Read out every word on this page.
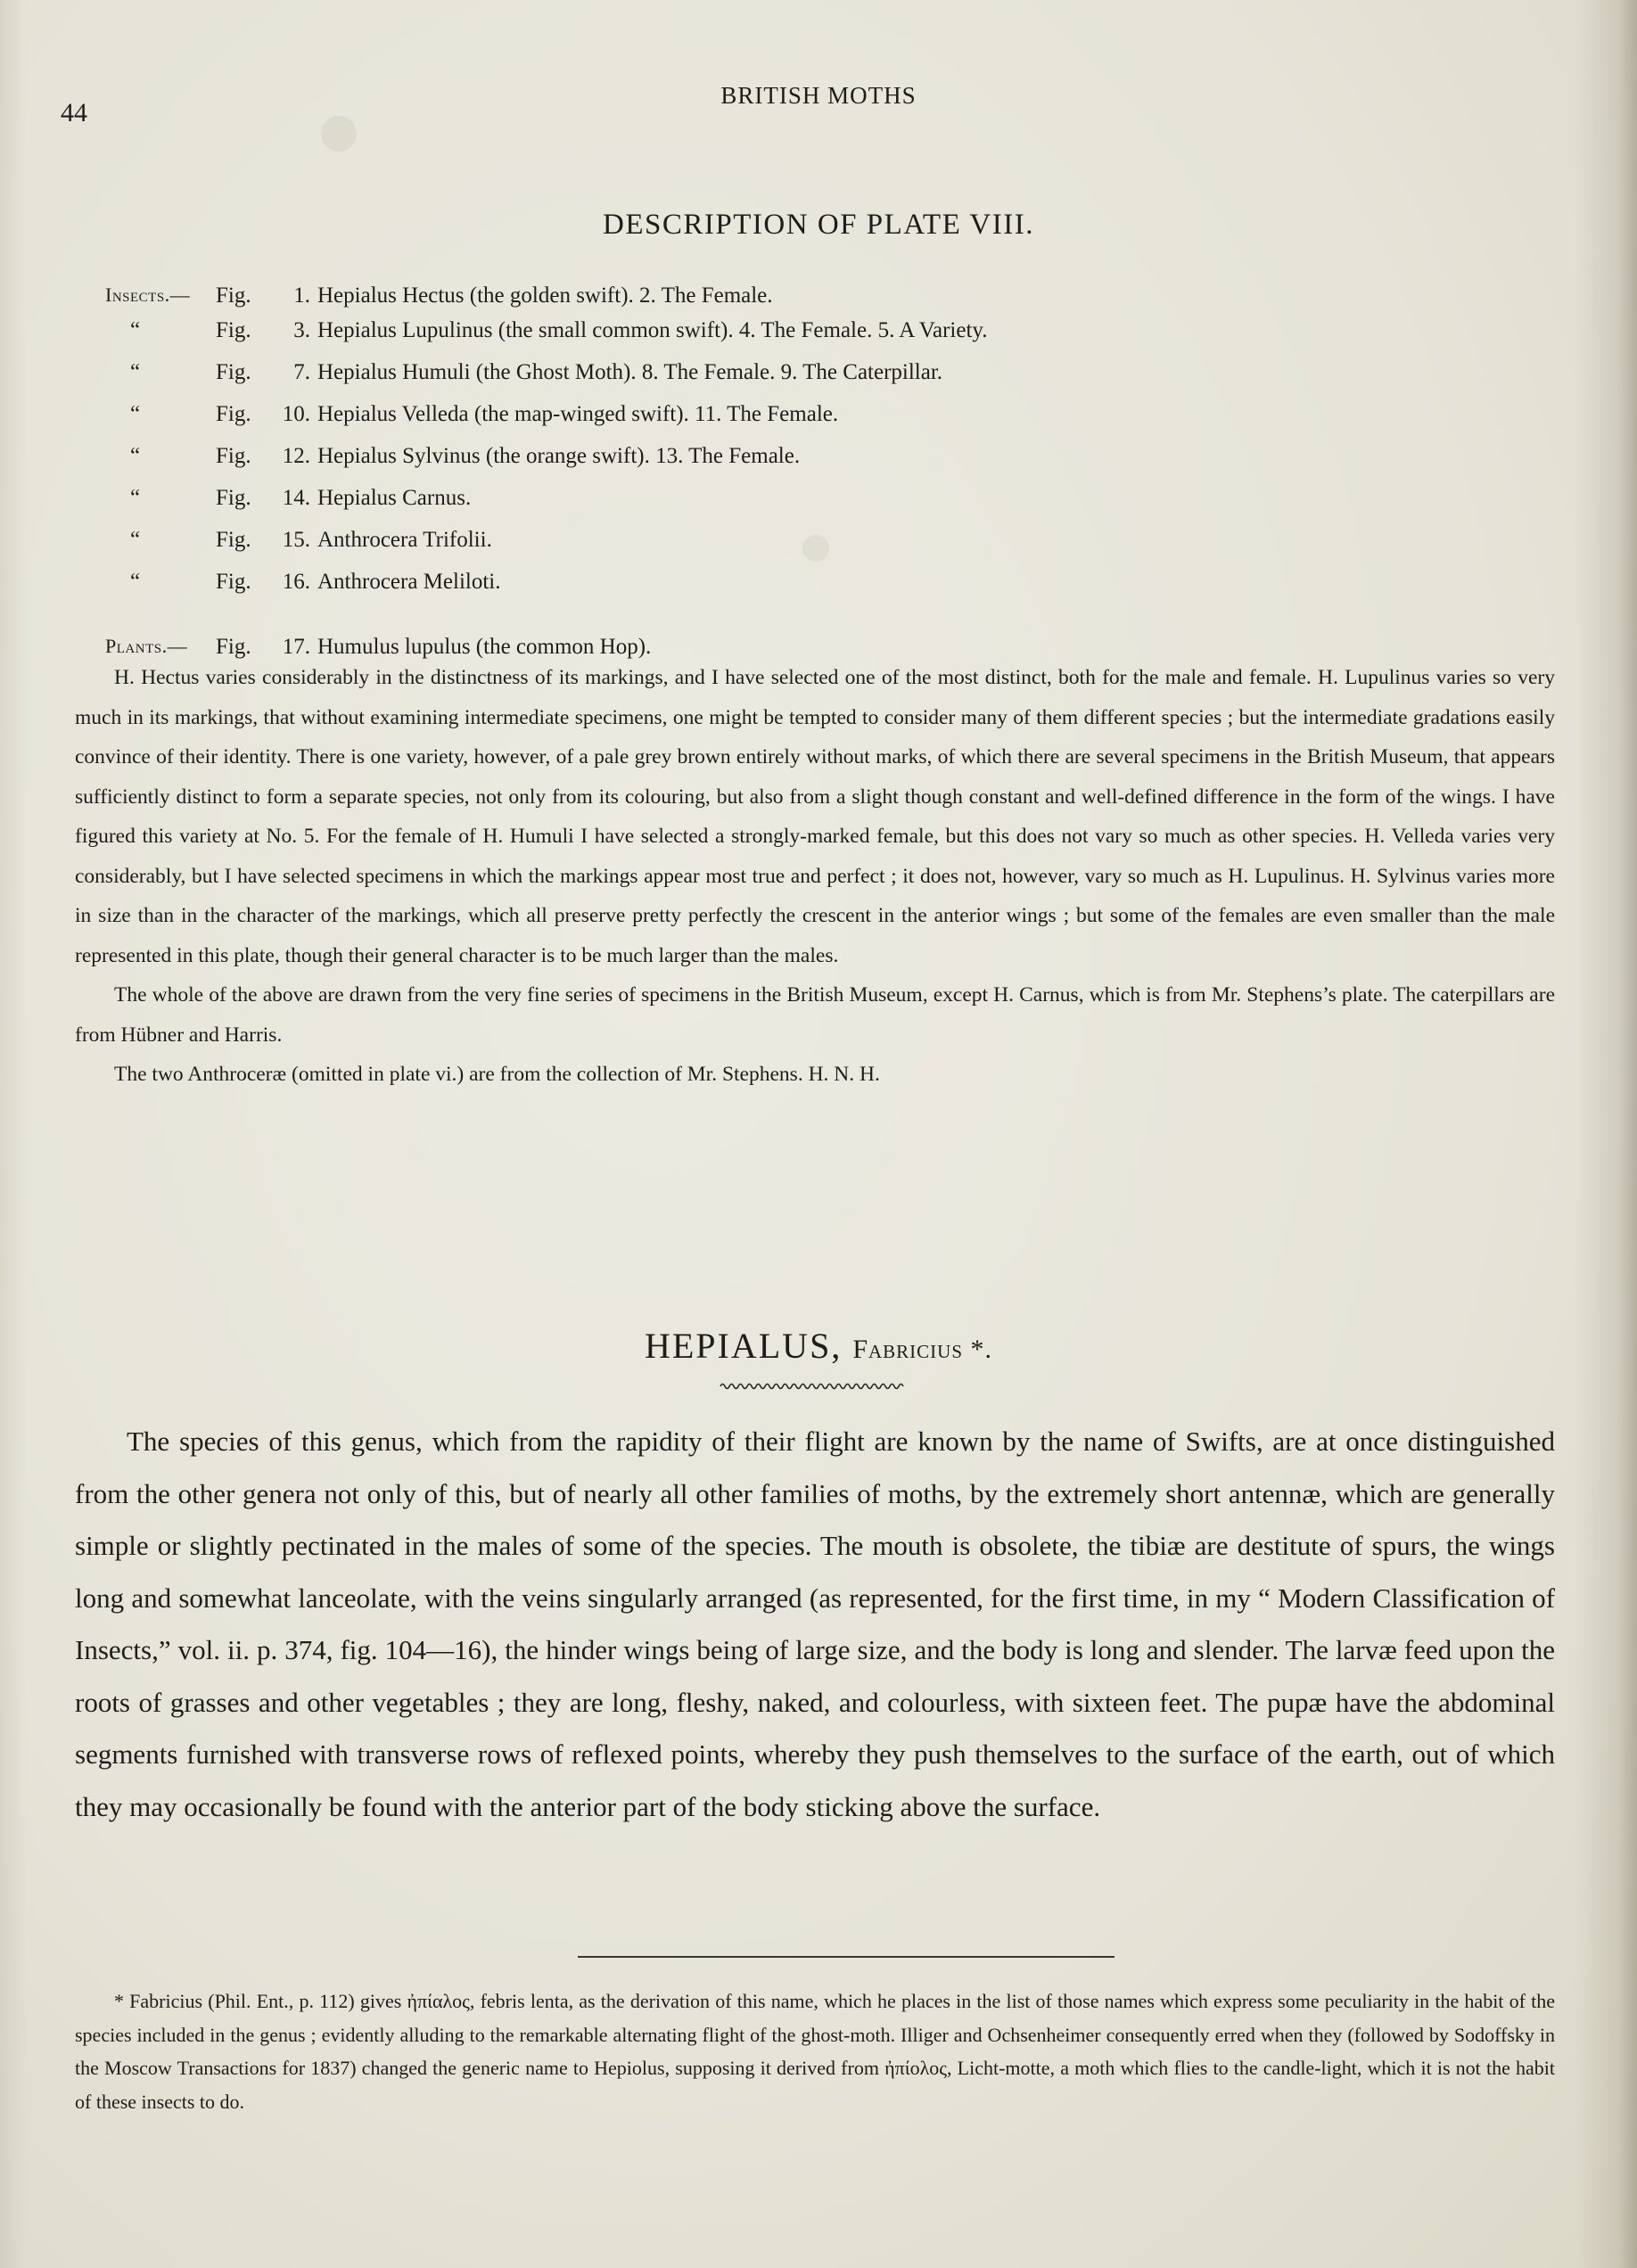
44
BRITISH MOTHS
DESCRIPTION OF PLATE VIII.
Insects.— Fig.	1. Hepialus Hectus (the golden swift). 2. The Female.
“	Fig.	3. Hepialus Lupulinus (the small common swift). 4. The Female. 5. A Variety.
“	Fig.	7. Hepialus Humuli (the Ghost Moth). 8. The Female. 9. The Caterpillar.
“	Fig.	10. Hepialus Velleda (the map-winged swift). 11. The Female.
“	Fig.	12. Hepialus Sylvinus (the orange swift). 13. The Female.
“	Fig.	14. Hepialus Carnus.
“	Fig.	15. Anthrocera Trifolii.
“	Fig.	16. Anthrocera Meliloti.
Plants.— Fig.	17. Humulus lupulus (the common Hop).

H. Hectus varies considerably in the distinctness of its markings, and I have selected one of the most distinct, both for the male and female. H. Lupulinus varies so very much in its markings, that without examining intermediate specimens, one might be tempted to consider many of them different species ; but the intermediate gradations easily convince of their identity. There is one variety, however, of a pale grey brown entirely without marks, of which there are several specimens in the British Museum, that appears sufficiently distinct to form a separate species, not only from its colouring, but also from a slight though constant and well-defined difference in the form of the wings. I have figured this variety at No. 5. For the female of H. Humuli I have selected a strongly-marked female, but this does not vary so much as other species. H. Velleda varies very considerably, but I have selected specimens in which the markings appear most true and perfect ; it does not, however, vary so much as H. Lupulinus. H. Sylvinus varies more in size than in the character of the markings, which all preserve pretty perfectly the crescent in the anterior wings ; but some of the females are even smaller than the male represented in this plate, though their general character is to be much larger than the males.

The whole of the above are drawn from the very fine series of specimens in the British Museum, except H. Carnus, which is from Mr. Stephens’s plate. The caterpillars are from Hübner and Harris.

The two Anthroceræ (omitted in plate vi.) are from the collection of Mr. Stephens. H. N. H.

HEPIALUS, Fabricius *.

The species of this genus, which from the rapidity of their flight are known by the name of Swifts, are at once distinguished from the other genera not only of this, but of nearly all other families of moths, by the extremely short antennæ, which are generally simple or slightly pectinated in the males of some of the species. The mouth is obsolete, the tibiæ are destitute of spurs, the wings long and somewhat lanceolate, with the veins singularly arranged (as represented, for the first time, in my “ Modern Classification of Insects,” vol. ii. p. 374, fig. 104—16), the hinder wings being of large size, and the body is long and slender. The larvæ feed upon the roots of grasses and other vegetables ; they are long, fleshy, naked, and colourless, with sixteen feet. The pupæ have the abdominal segments furnished with transverse rows of reflexed points, whereby they push themselves to the surface of the earth, out of which they may occasionally be found with the anterior part of the body sticking above the surface.

* Fabricius (Phil. Ent., p. 112) gives ἠπίαλος, febris lenta, as the derivation of this name, which he places in the list of those names which express some peculiarity in the habit of the species included in the genus ; evidently alluding to the remarkable alternating flight of the ghost-moth. Illiger and Ochsenheimer consequently erred when they (followed by Sodoffsky in the Moscow Transactions for 1837) changed the generic name to Hepiolus, supposing it derived from ἠπίολος, Licht-motte, a moth which flies to the candle-light, which it is not the habit of these insects to do.
